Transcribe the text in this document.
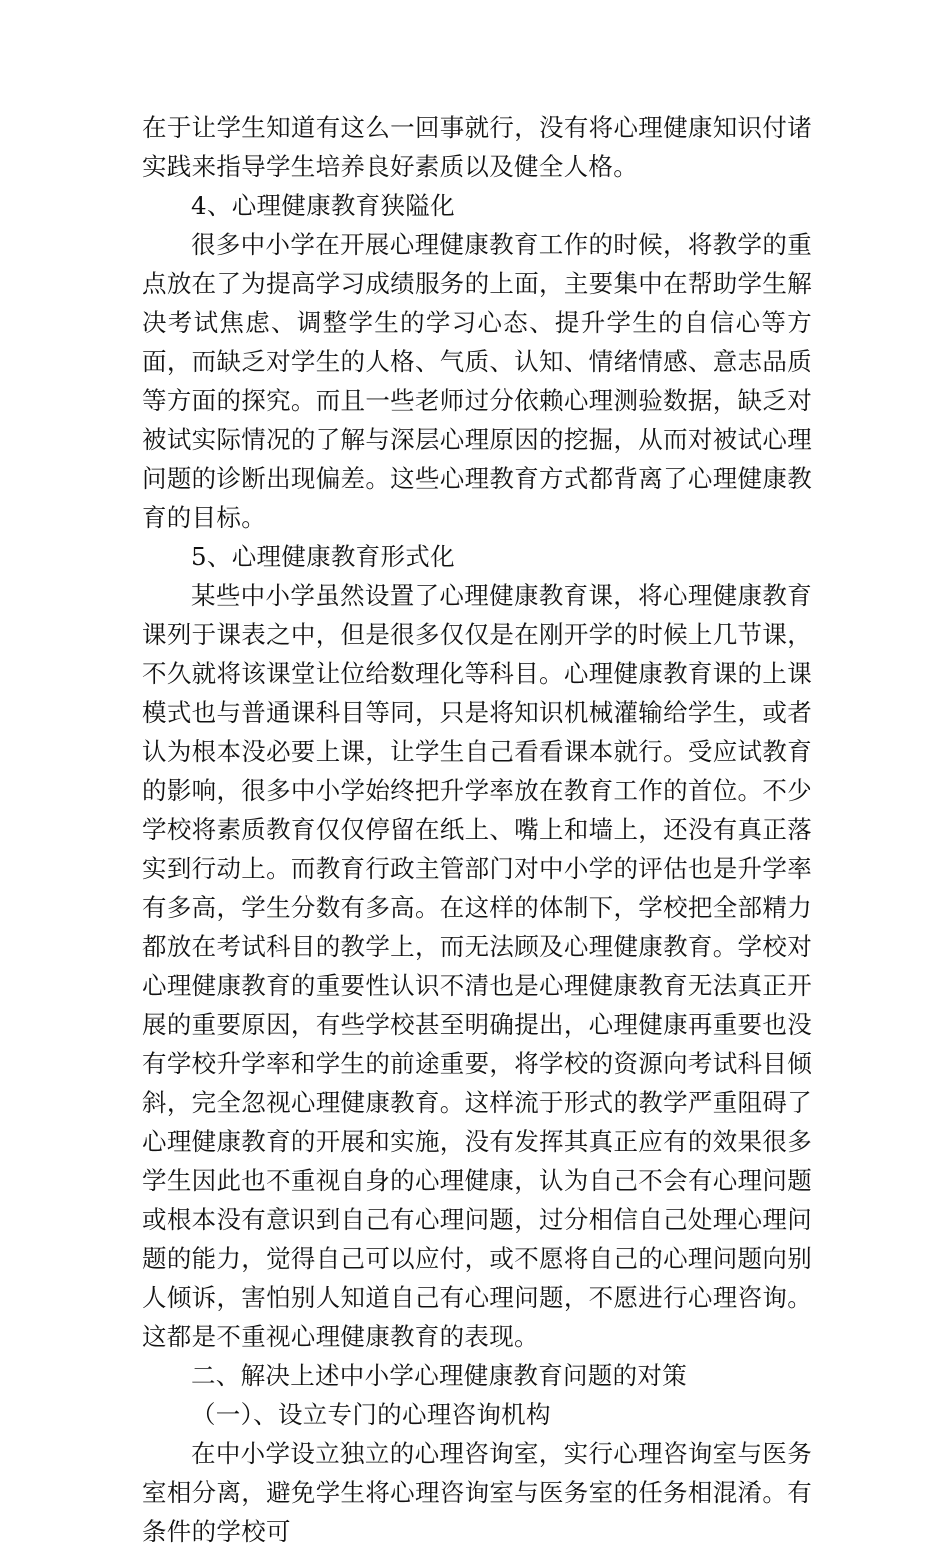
在于让学生知道有这么一回事就行，没有将心理健康知识付诸实践来指导学生培养良好素质以及健全人格。

4、心理健康教育狭隘化

很多中小学在开展心理健康教育工作的时候，将教学的重点放在了为提高学习成绩服务的上面，主要集中在帮助学生解决考试焦虑、调整学生的学习心态、提升学生的自信心等方面，而缺乏对学生的人格、气质、认知、情绪情感、意志品质等方面的探究。而且一些老师过分依赖心理测验数据，缺乏对被试实际情况的了解与深层心理原因的挖掘，从而对被试心理问题的诊断出现偏差。这些心理教育方式都背离了心理健康教育的目标。

5、心理健康教育形式化

某些中小学虽然设置了心理健康教育课，将心理健康教育课列于课表之中，但是很多仅仅是在刚开学的时候上几节课，不久就将该课堂让位给数理化等科目。心理健康教育课的上课模式也与普通课科目等同，只是将知识机械灌输给学生，或者认为根本没必要上课，让学生自己看看课本就行。受应试教育的影响，很多中小学始终把升学率放在教育工作的首位。不少学校将素质教育仅仅停留在纸上、嘴上和墙上，还没有真正落实到行动上。而教育行政主管部门对中小学的评估也是升学率有多高，学生分数有多高。在这样的体制下，学校把全部精力都放在考试科目的教学上，而无法顾及心理健康教育。学校对心理健康教育的重要性认识不清也是心理健康教育无法真正开展的重要原因，有些学校甚至明确提出，心理健康再重要也没有学校升学率和学生的前途重要，将学校的资源向考试科目倾斜，完全忽视心理健康教育。这样流于形式的教学严重阻碍了心理健康教育的开展和实施，没有发挥其真正应有的效果很多学生因此也不重视自身的心理健康，认为自己不会有心理问题或根本没有意识到自己有心理问题，过分相信自己处理心理问题的能力，觉得自己可以应付，或不愿将自己的心理问题向别人倾诉，害怕别人知道自己有心理问题，不愿进行心理咨询。这都是不重视心理健康教育的表现。

二、解决上述中小学心理健康教育问题的对策

（一）、设立专门的心理咨询机构

在中小学设立独立的心理咨询室，实行心理咨询室与医务室相分离，避免学生将心理咨询室与医务室的任务相混淆。有条件的学校可
